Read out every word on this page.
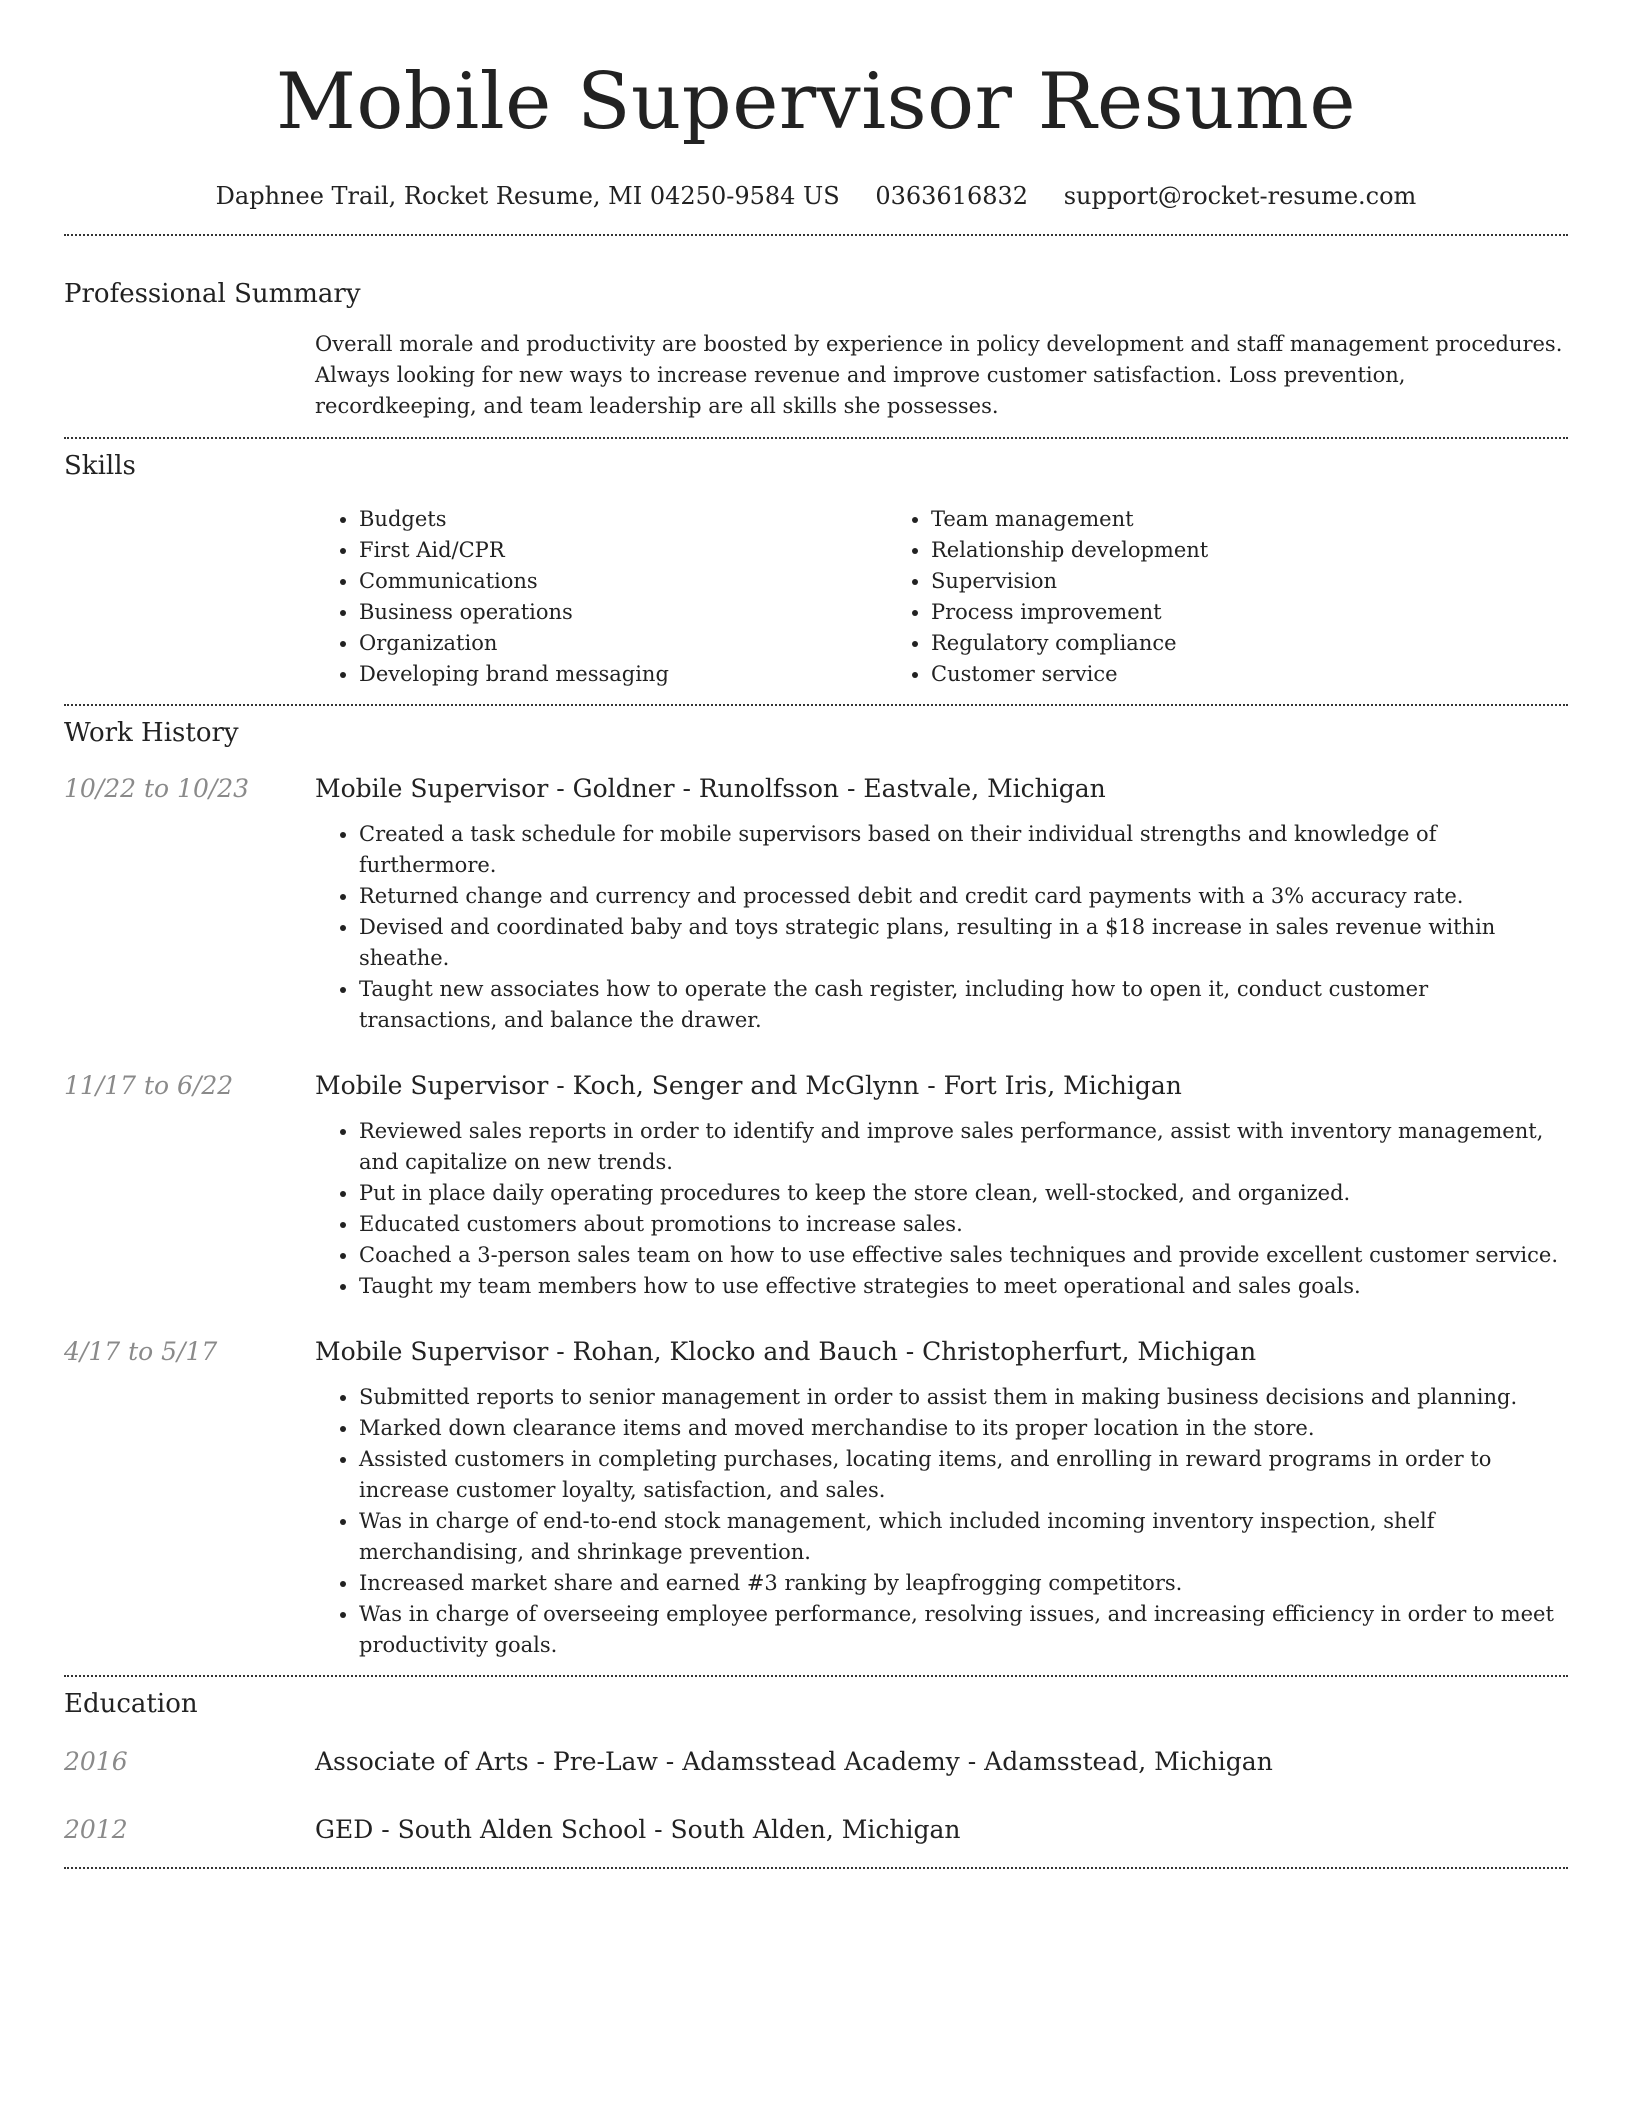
Mobile Supervisor Resume
Daphnee Trail, Rocket Resume, MI 04250-9584 US 0363616832 support@rocket-resume.com
Professional Summary
Overall morale and productivity are boosted by experience in policy development and staff management procedures. Always looking for new ways to increase revenue and improve customer satisfaction. Loss prevention, recordkeeping, and team leadership are all skills she possesses.
Skills
• Budgets
• First Aid/CPR
• Communications
• Business operations
• Organization
• Developing brand messaging
• Team management
• Relationship development
• Supervision
• Process improvement
• Regulatory compliance
• Customer service
Work History
10/22 to 10/23	Mobile Supervisor - Goldner - Runolfsson - Eastvale, Michigan
• Created a task schedule for mobile supervisors based on their individual strengths and knowledge of furthermore.
• Returned change and currency and processed debit and credit card payments with a 3% accuracy rate.
• Devised and coordinated baby and toys strategic plans, resulting in a $18 increase in sales revenue within sheathe.
• Taught new associates how to operate the cash register, including how to open it, conduct customer transactions, and balance the drawer.
11/17 to 6/22	Mobile Supervisor - Koch, Senger and McGlynn - Fort Iris, Michigan
• Reviewed sales reports in order to identify and improve sales performance, assist with inventory management, and capitalize on new trends.
• Put in place daily operating procedures to keep the store clean, well-stocked, and organized.
• Educated customers about promotions to increase sales.
• Coached a 3-person sales team on how to use effective sales techniques and provide excellent customer service.
• Taught my team members how to use effective strategies to meet operational and sales goals.
4/17 to 5/17	Mobile Supervisor - Rohan, Klocko and Bauch - Christopherfurt, Michigan
• Submitted reports to senior management in order to assist them in making business decisions and planning.
• Marked down clearance items and moved merchandise to its proper location in the store.
• Assisted customers in completing purchases, locating items, and enrolling in reward programs in order to increase customer loyalty, satisfaction, and sales.
• Was in charge of end-to-end stock management, which included incoming inventory inspection, shelf merchandising, and shrinkage prevention.
• Increased market share and earned #3 ranking by leapfrogging competitors.
• Was in charge of overseeing employee performance, resolving issues, and increasing efficiency in order to meet productivity goals.
Education
2016	Associate of Arts - Pre-Law - Adamsstead Academy - Adamsstead, Michigan
2012	GED - South Alden School - South Alden, Michigan
